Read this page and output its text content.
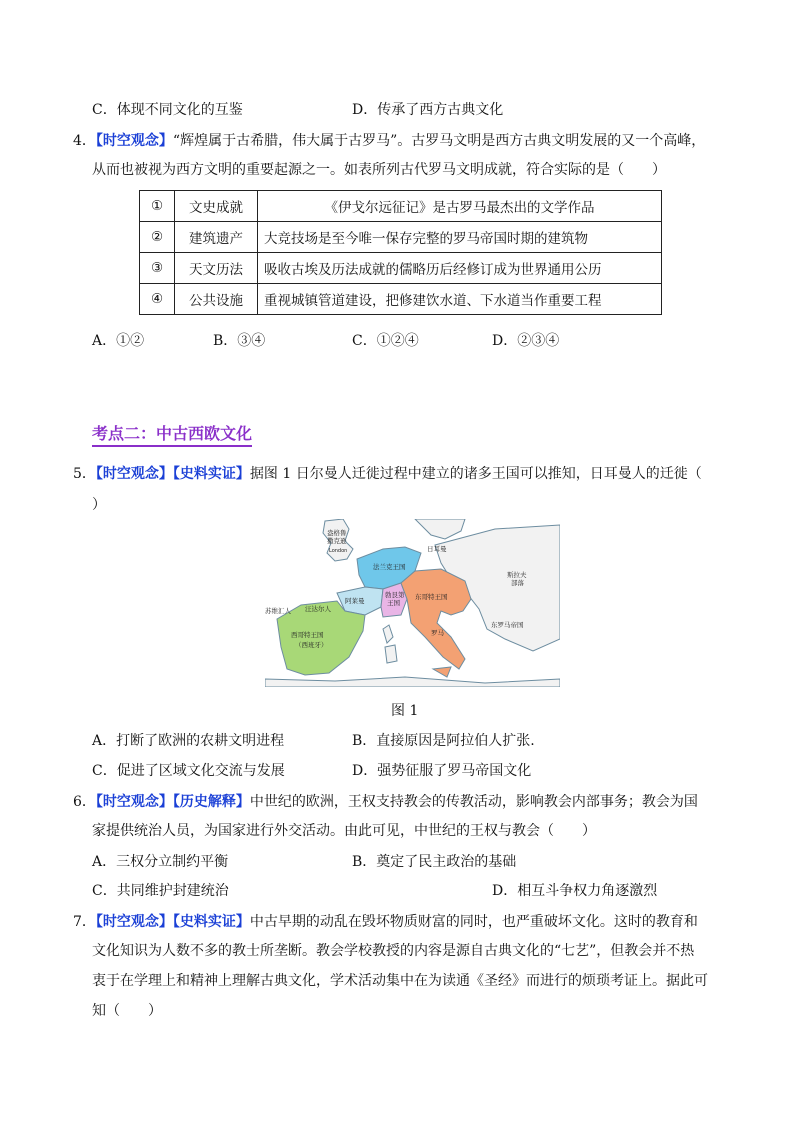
C．体现不同文化的互鉴	D．传承了西方古典文化
4．【时空观念】“辉煌属于古希腊，伟大属于古罗马”。古罗马文明是西方古典文明发展的又一个高峰，
从而也被视为西方文明的重要起源之一。如表所列古代罗马文明成就，符合实际的是（　　）
①	文史成就	《伊戈尔远征记》是古罗马最杰出的文学作品
②	建筑遗产	大竞技场是至今唯一保存完整的罗马帝国时期的建筑物
③	天文历法	吸收古埃及历法成就的儒略历后经修订成为世界通用公历
④	公共设施	重视城镇管道建设，把修建饮水道、下水道当作重要工程
A．①②	B．③④	C．①②④	D．②③④
考点二：中古西欧文化
5．【时空观念】【史料实证】据图 1 日尔曼人迁徙过程中建立的诸多王国可以推知，日耳曼人的迁徙（
）
盎格鲁
撒克逊
London	日耳曼
法兰克王国
斯拉夫
部落
勃艮第
王国
阿莱曼	东哥特王国
汪达尔人
苏维汇人
西哥特王国
（西班牙）
罗马
东罗马帝国
图 1
A．打断了欧洲的农耕文明进程	B．直接原因是阿拉伯人扩张.
C．促进了区域文化交流与发展	D．强势征服了罗马帝国文化
6．【时空观念】【历史解释】中世纪的欧洲，王权支持教会的传教活动，影响教会内部事务；教会为国
家提供统治人员，为国家进行外交活动。由此可见，中世纪的王权与教会（　　）
A．三权分立制约平衡	B．奠定了民主政治的基础
C．共同维护封建统治	D．相互斗争权力角逐激烈
7．【时空观念】【史料实证】中古早期的动乱在毁坏物质财富的同时，也严重破坏文化。这时的教育和
文化知识为人数不多的教士所垄断。教会学校教授的内容是源自古典文化的“七艺”，但教会并不热
衷于在学理上和精神上理解古典文化，学术活动集中在为读通《圣经》而进行的烦琐考证上。据此可
知（　　）
